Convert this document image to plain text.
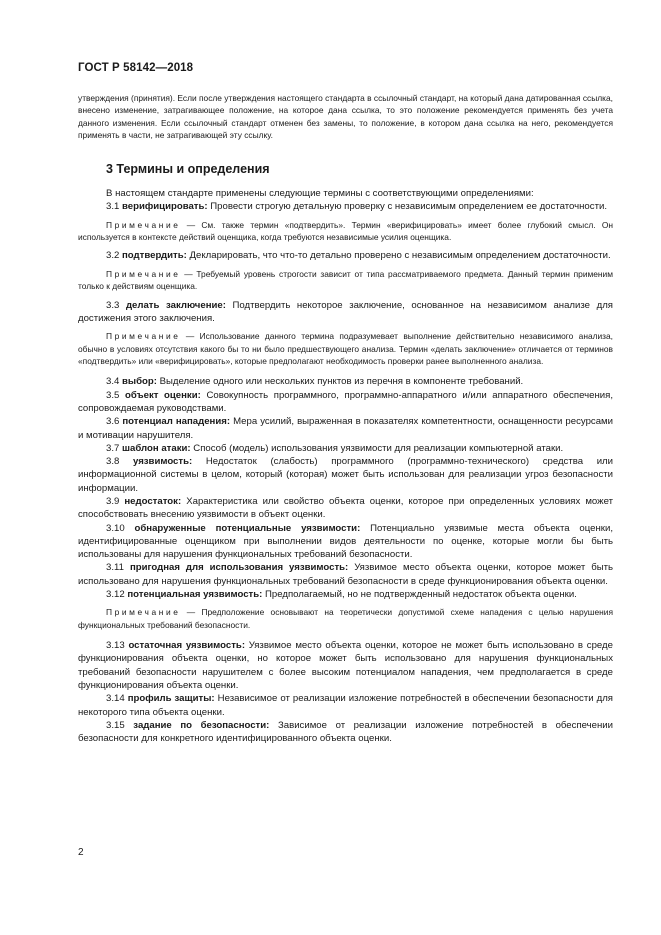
ГОСТ Р 58142—2018

утверждения (принятия). Если после утверждения настоящего стандарта в ссылочный стандарт, на который дана датированная ссылка, внесено изменение, затрагивающее положение, на которое дана ссылка, то это положение рекомендуется применять без учета данного изменения. Если ссылочный стандарт отменен без замены, то положение, в котором дана ссылка на него, рекомендуется применять в части, не затрагивающей эту ссылку.

3 Термины и определения

В настоящем стандарте применены следующие термины с соответствующими определениями:

3.1 верифицировать: Провести строгую детальную проверку с независимым определением ее достаточности.

Примечание — См. также термин «подтвердить». Термин «верифицировать» имеет более глубокий смысл. Он используется в контексте действий оценщика, когда требуются независимые усилия оценщика.

3.2 подтвердить: Декларировать, что что-то детально проверено с независимым определением достаточности.

Примечание — Требуемый уровень строгости зависит от типа рассматриваемого предмета. Данный термин применим только к действиям оценщика.

3.3 делать заключение: Подтвердить некоторое заключение, основанное на независимом анализе для достижения этого заключения.

Примечание — Использование данного термина подразумевает выполнение действительно независимого анализа, обычно в условиях отсутствия какого бы то ни было предшествующего анализа. Термин «делать заключение» отличается от терминов «подтвердить» или «верифицировать», которые предполагают необходимость проверки ранее выполненного анализа.

3.4 выбор: Выделение одного или нескольких пунктов из перечня в компоненте требований.

3.5 объект оценки: Совокупность программного, программно-аппаратного и/или аппаратного обеспечения, сопровождаемая руководствами.

3.6 потенциал нападения: Мера усилий, выраженная в показателях компетентности, оснащенности ресурсами и мотивации нарушителя.

3.7 шаблон атаки: Способ (модель) использования уязвимости для реализации компьютерной атаки.

3.8 уязвимость: Недостаток (слабость) программного (программно-технического) средства или информационной системы в целом, который (которая) может быть использован для реализации угроз безопасности информации.

3.9 недостаток: Характеристика или свойство объекта оценки, которое при определенных условиях может способствовать внесению уязвимости в объект оценки.

3.10 обнаруженные потенциальные уязвимости: Потенциально уязвимые места объекта оценки, идентифицированные оценщиком при выполнении видов деятельности по оценке, которые могли бы быть использованы для нарушения функциональных требований безопасности.

3.11 пригодная для использования уязвимость: Уязвимое место объекта оценки, которое может быть использовано для нарушения функциональных требований безопасности в среде функционирования объекта оценки.

3.12 потенциальная уязвимость: Предполагаемый, но не подтвержденный недостаток объекта оценки.

Примечание — Предположение основывают на теоретически допустимой схеме нападения с целью нарушения функциональных требований безопасности.

3.13 остаточная уязвимость: Уязвимое место объекта оценки, которое не может быть использовано в среде функционирования объекта оценки, но которое может быть использовано для нарушения функциональных требований безопасности нарушителем с более высоким потенциалом нападения, чем предполагается в среде функционирования объекта оценки.

3.14 профиль защиты: Независимое от реализации изложение потребностей в обеспечении безопасности для некоторого типа объекта оценки.

3.15 задание по безопасности: Зависимое от реализации изложение потребностей в обеспечении безопасности для конкретного идентифицированного объекта оценки.

2
